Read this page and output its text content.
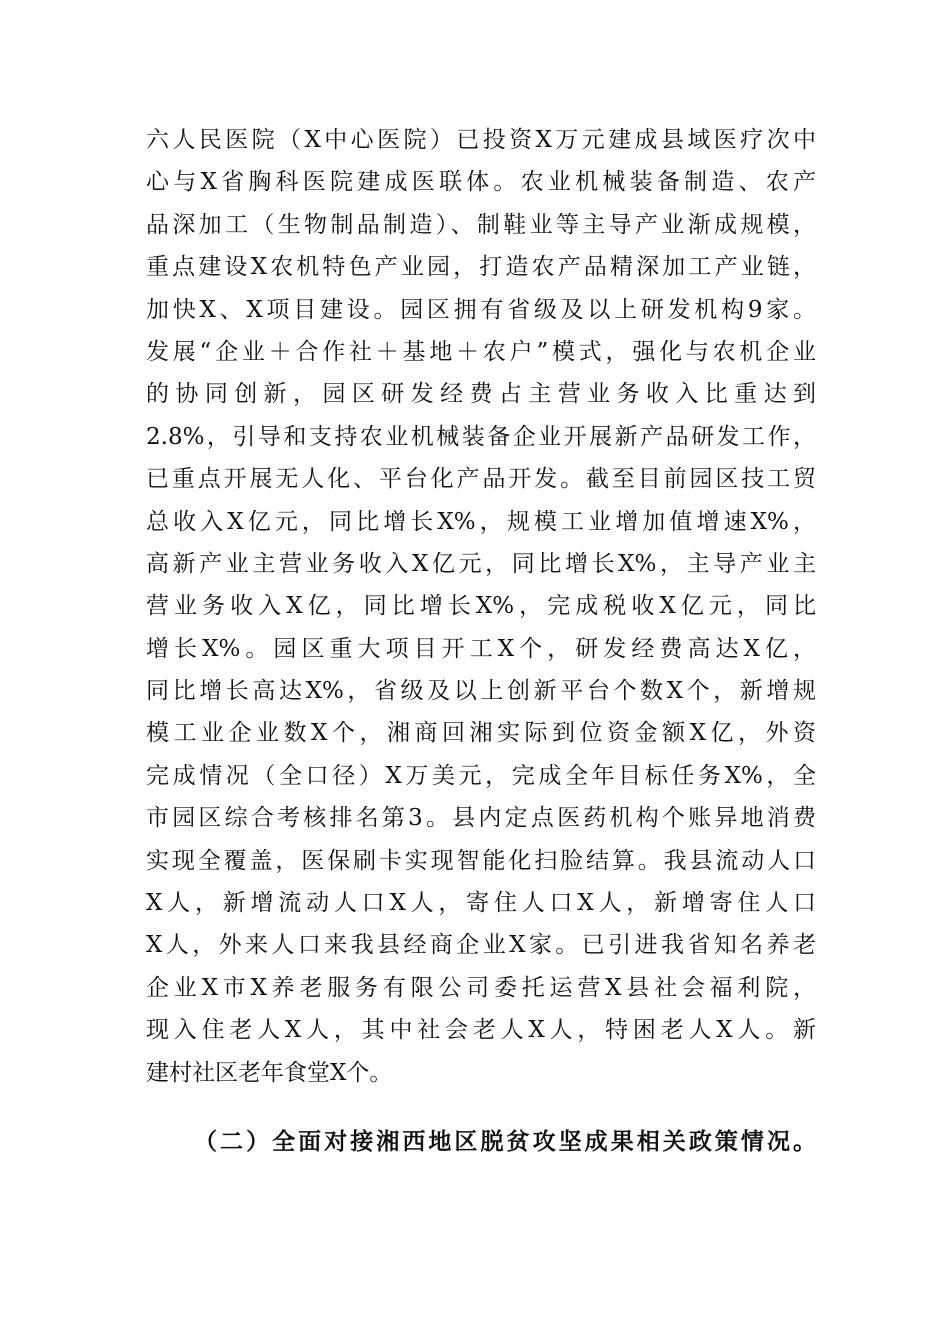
六人民医院（X中心医院）已投资X万元建成县域医疗次中
心与X省胸科医院建成医联体。农业机械装备制造、农产
品深加工（生物制品制造）、制鞋业等主导产业渐成规模，
重点建设X农机特色产业园，打造农产品精深加工产业链，
加快X、X项目建设。园区拥有省级及以上研发机构9家。
发展“企业＋合作社＋基地＋农户”模式，强化与农机企业
的协同创新，园区研发经费占主营业务收入比重达到
2.8%，引导和支持农业机械装备企业开展新产品研发工作，
已重点开展无人化、平台化产品开发。截至目前园区技工贸
总收入X亿元，同比增长X%，规模工业增加值增速X%，
高新产业主营业务收入X亿元，同比增长X%，主导产业主
营业务收入X亿，同比增长X%，完成税收X亿元，同比
增长X%。园区重大项目开工X个，研发经费高达X亿，
同比增长高达X%，省级及以上创新平台个数X个，新增规
模工业企业数X个，湘商回湘实际到位资金额X亿，外资
完成情况（全口径）X万美元，完成全年目标任务X%，全
市园区综合考核排名第3。县内定点医药机构个账异地消费
实现全覆盖，医保刷卡实现智能化扫脸结算。我县流动人口
X人，新增流动人口X人，寄住人口X人，新增寄住人口
X人，外来人口来我县经商企业X家。已引进我省知名养老
企业X市X养老服务有限公司委托运营X县社会福利院，
现入住老人X人，其中社会老人X人，特困老人X人。新
建村社区老年食堂X个。
（二）全面对接湘西地区脱贫攻坚成果相关政策情况。
